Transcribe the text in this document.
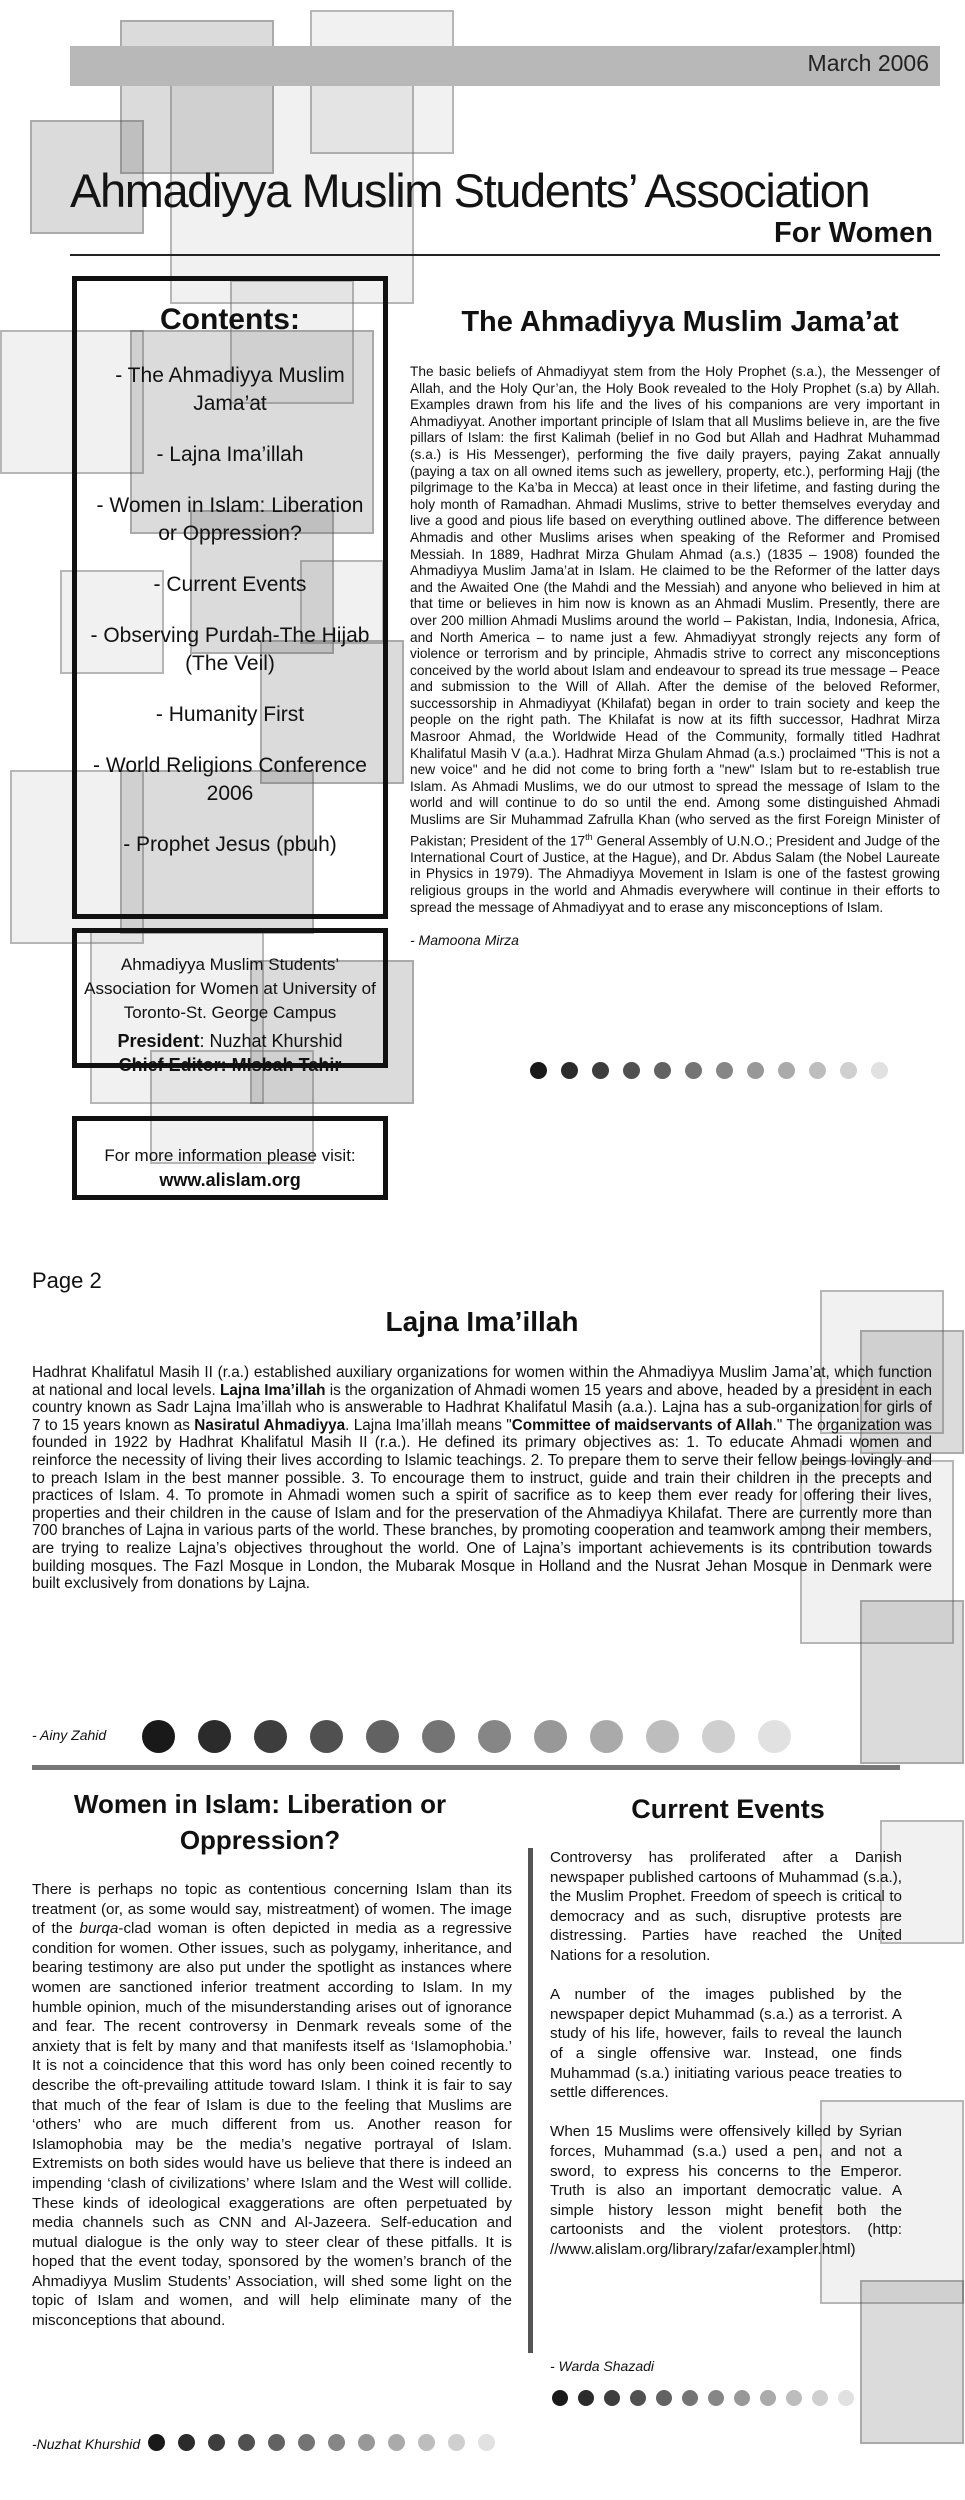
March 2006
Ahmadiyya Muslim Students’ Association
For Women
Contents:
- The Ahmadiyya Muslim Jama’at
- Lajna Ima’illah
- Women in Islam: Liberation or Oppression?
- Current Events
- Observing Purdah-The Hijab (The Veil)
- Humanity First
- World Religions Conference 2006
- Prophet Jesus (pbuh)
Ahmadiyya Muslim Students’ Association for Women at University of Toronto-St. George Campus
President: Nuzhat Khurshid
Chief Editor: MIsbah Tahir
For more information please visit:
www.alislam.org
The Ahmadiyya Muslim Jama’at
The basic beliefs of Ahmadiyyat stem from the Holy Prophet (s.a.), the Messenger of Allah, and the Holy Qur’an, the Holy Book revealed to the Holy Prophet (s.a) by Allah. Examples drawn from his life and the lives of his companions are very important in Ahmadiyyat. Another important principle of Islam that all Muslims believe in, are the five pillars of Islam: the first Kalimah (belief in no God but Allah and Hadhrat Muhammad (s.a.) is His Messenger), performing the five daily prayers, paying Zakat annually (paying a tax on all owned items such as jewellery, property, etc.), performing Hajj (the pilgrimage to the Ka’ba in Mecca) at least once in their lifetime, and fasting during the holy month of Ramadhan. Ahmadi Muslims, strive to better themselves everyday and live a good and pious life based on everything outlined above. The difference between Ahmadis and other Muslims arises when speaking of the Reformer and Promised Messiah. In 1889, Hadhrat Mirza Ghulam Ahmad (a.s.) (1835 – 1908) founded the Ahmadiyya Muslim Jama’at in Islam. He claimed to be the Reformer of the latter days and the Awaited One (the Mahdi and the Messiah) and anyone who believed in him at that time or believes in him now is known as an Ahmadi Muslim. Presently, there are over 200 million Ahmadi Muslims around the world – Pakistan, India, Indonesia, Africa, and North America – to name just a few. Ahmadiyyat strongly rejects any form of violence or terrorism and by principle, Ahmadis strive to correct any misconceptions conceived by the world about Islam and endeavour to spread its true message – Peace and submission to the Will of Allah. After the demise of the beloved Reformer, successorship in Ahmadiyyat (Khilafat) began in order to train society and keep the people on the right path. The Khilafat is now at its fifth successor, Hadhrat Mirza Masroor Ahmad, the Worldwide Head of the Community, formally titled Hadhrat Khalifatul Masih V (a.a.). Hadhrat Mirza Ghulam Ahmad (a.s.) proclaimed "This is not a new voice" and he did not come to bring forth a "new" Islam but to re-establish true Islam. As Ahmadi Muslims, we do our utmost to spread the message of Islam to the world and will continue to do so until the end. Among some distinguished Ahmadi Muslims are Sir Muhammad Zafrulla Khan (who served as the first Foreign Minister of Pakistan; President of the 17th General Assembly of U.N.O.; President and Judge of the International Court of Justice, at the Hague), and Dr. Abdus Salam (the Nobel Laureate in Physics in 1979). The Ahmadiyya Movement in Islam is one of the fastest growing religious groups in the world and Ahmadis everywhere will continue in their efforts to spread the message of Ahmadiyyat and to erase any misconceptions of Islam.
- Mamoona Mirza
Page 2
Lajna Ima’illah
Hadhrat Khalifatul Masih II (r.a.) established auxiliary organizations for women within the Ahmadiyya Muslim Jama’at, which function at national and local levels. Lajna Ima’illah is the organization of Ahmadi women 15 years and above, headed by a president in each country known as Sadr Lajna Ima’illah who is answerable to Hadhrat Khalifatul Masih (a.a.). Lajna has a sub-organization for girls of 7 to 15 years known as Nasiratul Ahmadiyya. Lajna Ima’illah means "Committee of maidservants of Allah." The organization was founded in 1922 by Hadhrat Khalifatul Masih II (r.a.). He defined its primary objectives as: 1. To educate Ahmadi women and reinforce the necessity of living their lives according to Islamic teachings. 2. To prepare them to serve their fellow beings lovingly and to preach Islam in the best manner possible. 3. To encourage them to instruct, guide and train their children in the precepts and practices of Islam. 4. To promote in Ahmadi women such a spirit of sacrifice as to keep them ever ready for offering their lives, properties and their children in the cause of Islam and for the preservation of the Ahmadiyya Khilafat. There are currently more than 700 branches of Lajna in various parts of the world. These branches, by promoting cooperation and teamwork among their members, are trying to realize Lajna’s objectives throughout the world. One of Lajna’s important achievements is its contribution towards building mosques. The Fazl Mosque in London, the Mubarak Mosque in Holland and the Nusrat Jehan Mosque in Denmark were built exclusively from donations by Lajna.
- Ainy Zahid
Women in Islam: Liberation or Oppression?
There is perhaps no topic as contentious concerning Islam than its treatment (or, as some would say, mistreatment) of women. The image of the burqa-clad woman is often depicted in media as a regressive condition for women. Other issues, such as polygamy, inheritance, and bearing testimony are also put under the spotlight as instances where women are sanctioned inferior treatment according to Islam. In my humble opinion, much of the misunderstanding arises out of ignorance and fear. The recent controversy in Denmark reveals some of the anxiety that is felt by many and that manifests itself as ‘Islamophobia.’ It is not a coincidence that this word has only been coined recently to describe the oft-prevailing attitude toward Islam. I think it is fair to say that much of the fear of Islam is due to the feeling that Muslims are ‘others’ who are much different from us. Another reason for Islamophobia may be the media’s negative portrayal of Islam. Extremists on both sides would have us believe that there is indeed an impending ‘clash of civilizations’ where Islam and the West will collide. These kinds of ideological exaggerations are often perpetuated by media channels such as CNN and Al-Jazeera. Self-education and mutual dialogue is the only way to steer clear of these pitfalls. It is hoped that the event today, sponsored by the women’s branch of the Ahmadiyya Muslim Students’ Association, will shed some light on the topic of Islam and women, and will help eliminate many of the misconceptions that abound.
-Nuzhat Khurshid
Current Events

Controversy has proliferated after a Danish newspaper published cartoons of Muhammad (s.a.), the Muslim Prophet. Freedom of speech is critical to democracy and as such, disruptive protests are distressing. Parties have reached the United Nations for a resolution.

A number of the images published by the newspaper depict Muhammad (s.a.) as a terrorist. A study of his life, however, fails to reveal the launch of a single offensive war. Instead, one finds Muhammad (s.a.) initiating various peace treaties to settle differences.

When 15 Muslims were offensively killed by Syrian forces, Muhammad (s.a.) used a pen, and not a sword, to express his concerns to the Emperor. Truth is also an important democratic value. A simple history lesson might benefit both the cartoonists and the violent protestors. (http: //www.alislam.org/library/zafar/exampler.html)

- Warda Shazadi
